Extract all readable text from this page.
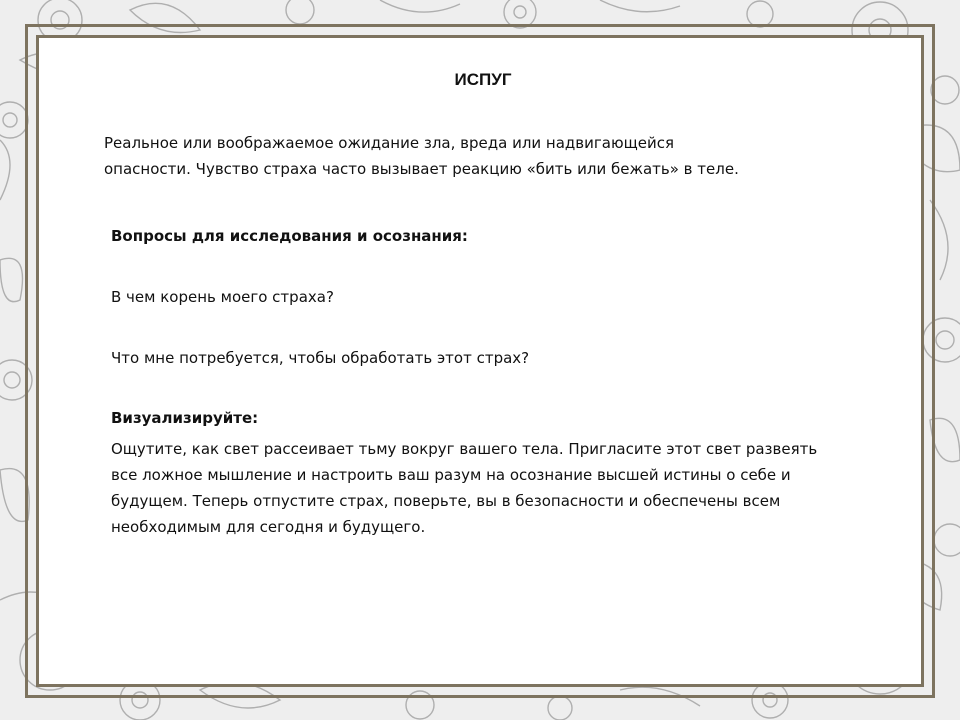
ИСПУГ
Реальное или воображаемое ожидание зла, вреда или надвигающейся
опасности. Чувство страха часто вызывает реакцию «бить или бежать» в теле.
Вопросы для исследования и осознания:
В чем корень моего страха?
Что мне потребуется, чтобы обработать этот страх?
Визуализируйте:
Ощутите, как свет рассеивает тьму вокруг вашего тела. Пригласите этот свет развеять
все ложное мышление и настроить ваш разум на осознание высшей истины о себе и
будущем. Теперь отпустите страх, поверьте, вы в безопасности и обеспечены всем
необходимым для сегодня и будущего.
